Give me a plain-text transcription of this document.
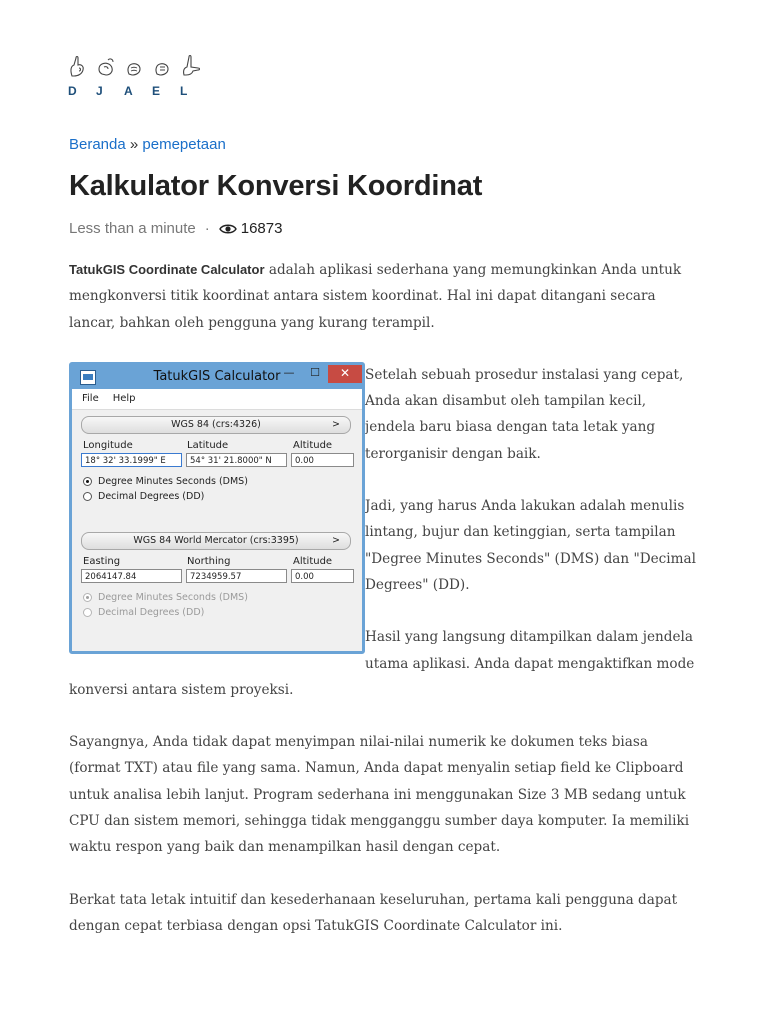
D	J	A	E	L
Beranda » pemepetaan
Kalkulator Konversi Koordinat
Less than a minute · 16873

TatukGIS Coordinate Calculator adalah aplikasi sederhana yang memungkinkan Anda untuk mengkonversi titik koordinat antara sistem koordinat. Hal ini dapat ditangani secara lancar, bahkan oleh pengguna yang kurang terampil.

TatukGIS Calculator —	☐	✕
File Help
WGS 84 (crs:4326)	>
Longitude	Latitude	Altitude
18° 32' 33.1999" E	54° 31' 21.8000" N	0.00
Degree Minutes Seconds (DMS)
Decimal Degrees (DD)
WGS 84 World Mercator (crs:3395)	>
Easting	Northing	Altitude
2064147.84	7234959.57	0.00
Degree Minutes Seconds (DMS)
Decimal Degrees (DD)

Setelah sebuah prosedur instalasi yang cepat, Anda akan disambut oleh tampilan kecil, jendela baru biasa dengan tata letak yang terorganisir dengan baik.

Jadi, yang harus Anda lakukan adalah menulis lintang, bujur dan ketinggian, serta tampilan "Degree Minutes Seconds" (DMS) dan "Decimal Degrees" (DD).

Hasil yang langsung ditampilkan dalam jendela utama aplikasi. Anda dapat mengaktifkan mode konversi antara sistem proyeksi.

Sayangnya, Anda tidak dapat menyimpan nilai-nilai numerik ke dokumen teks biasa (format TXT) atau file yang sama. Namun, Anda dapat menyalin setiap field ke Clipboard untuk analisa lebih lanjut. Program sederhana ini menggunakan Size 3 MB sedang untuk CPU dan sistem memori, sehingga tidak mengganggu sumber daya komputer. Ia memiliki waktu respon yang baik dan menampilkan hasil dengan cepat.

Berkat tata letak intuitif dan kesederhanaan keseluruhan, pertama kali pengguna dapat dengan cepat terbiasa dengan opsi TatukGIS Coordinate Calculator ini.
